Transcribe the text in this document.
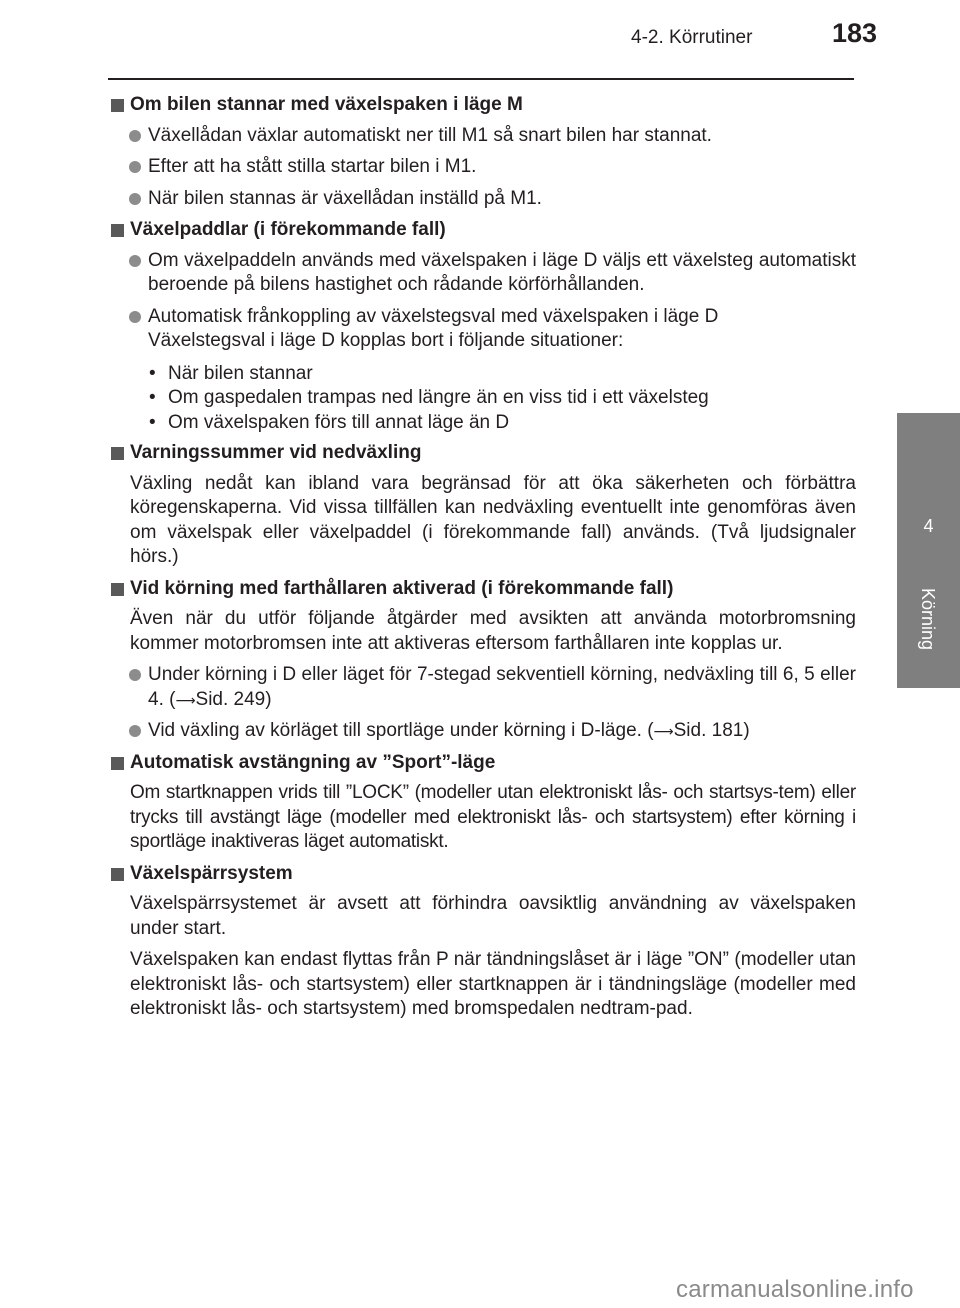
4-2. Körrutiner	183
4
Körning
Om bilen stannar med växelspaken i läge M
Växellådan växlar automatiskt ner till M1 så snart bilen har stannat.
Efter att ha stått stilla startar bilen i M1.
När bilen stannas är växellådan inställd på M1.
Växelpaddlar (i förekommande fall)
Om växelpaddeln används med växelspaken i läge D väljs ett växelsteg automatiskt beroende på bilens hastighet och rådande körförhållanden.
Automatisk frånkoppling av växelstegsval med växelspaken i läge D
Växelstegsval i läge D kopplas bort i följande situationer:
• När bilen stannar
• Om gaspedalen trampas ned längre än en viss tid i ett växelsteg
• Om växelspaken förs till annat läge än D
Varningssummer vid nedväxling
Växling nedåt kan ibland vara begränsad för att öka säkerheten och förbättra köregenskaperna. Vid vissa tillfällen kan nedväxling eventuellt inte genomföras även om växelspak eller växelpaddel (i förekommande fall) används. (Två ljudsignaler hörs.)
Vid körning med farthållaren aktiverad (i förekommande fall)
Även när du utför följande åtgärder med avsikten att använda motorbromsning kommer motorbromsen inte att aktiveras eftersom farthållaren inte kopplas ur.
Under körning i D eller läget för 7-stegad sekventiell körning, nedväxling till 6, 5 eller 4. (⟶Sid. 249)
Vid växling av körläget till sportläge under körning i D-läge. (⟶Sid. 181)
Automatisk avstängning av ”Sport”-läge
Om startknappen vrids till ”LOCK” (modeller utan elektroniskt lås- och startsys-tem) eller trycks till avstängt läge (modeller med elektroniskt lås- och startsystem) efter körning i sportläge inaktiveras läget automatiskt.
Växelspärrsystem
Växelspärrsystemet är avsett att förhindra oavsiktlig användning av växelspaken under start.
Växelspaken kan endast flyttas från P när tändningslåset är i läge ”ON” (modeller utan elektroniskt lås- och startsystem) eller startknappen är i tändningsläge (modeller med elektroniskt lås- och startsystem) med bromspedalen nedtram-pad.
carmanualsonline.info
